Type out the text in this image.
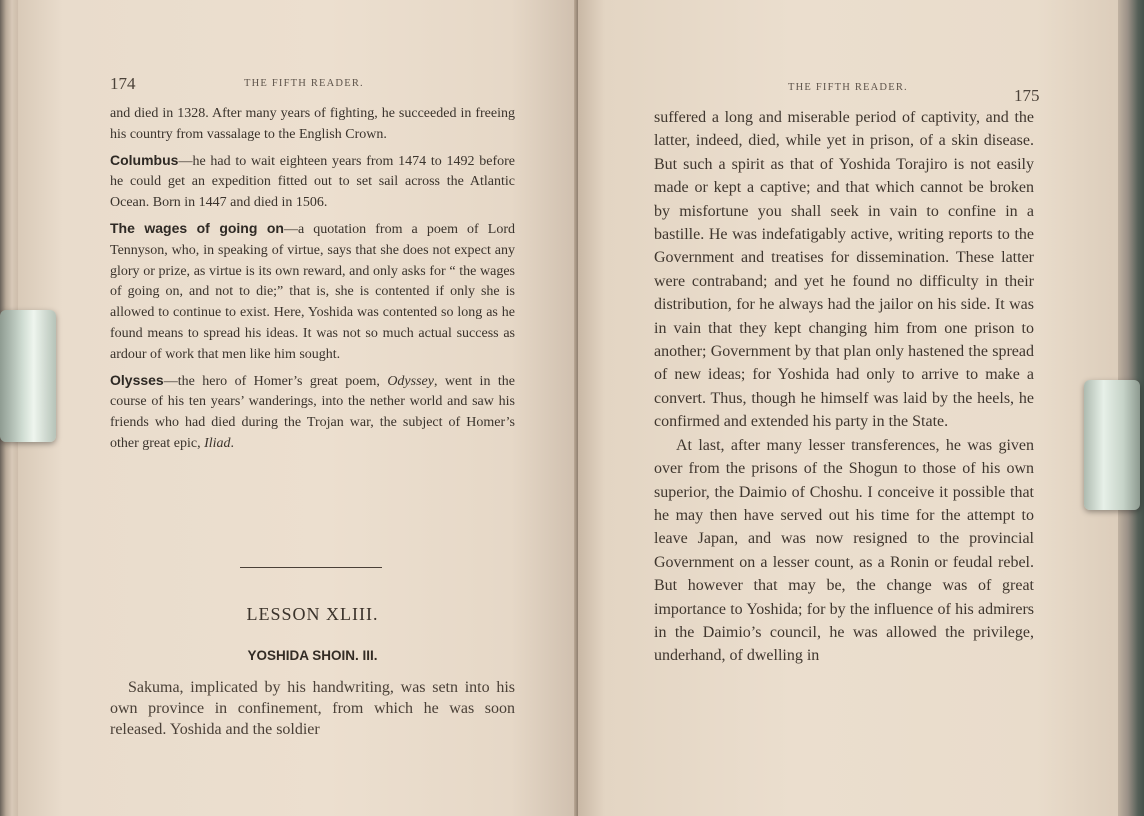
174	THE FIFTH READER.

and died in 1328. After many years of fighting, he succeeded in freeing his country from vassalage to the English Crown.

Columbus—he had to wait eighteen years from 1474 to 1492 before he could get an expedition fitted out to set sail across the Atlantic Ocean. Born in 1447 and died in 1506.

The wages of going on—a quotation from a poem of Lord Tennyson, who, in speaking of virtue, says that she does not expect any glory or prize, as virtue is its own reward, and only asks for “ the wages of going on, and not to die;” that is, she is contented if only she is allowed to continue to exist. Here, Yoshida was contented so long as he found means to spread his ideas. It was not so much actual success as ardour of work that men like him sought.

Olysses—the hero of Homer’s great poem, Odyssey, went in the course of his ten years’ wanderings, into the nether world and saw his friends who had died during the Trojan war, the subject of Homer’s other great epic, Iliad.

LESSON XLIII.
YOSHIDA SHOIN. III.

Sakuma, implicated by his handwriting, was setn into his own province in confinement, from which he was soon released. Yoshida and the soldier

THE FIFTH READER.	175

suffered a long and miserable period of captivity, and the latter, indeed, died, while yet in prison, of a skin disease. But such a spirit as that of Yoshida Torajiro is not easily made or kept a captive; and that which cannot be broken by misfortune you shall seek in vain to confine in a bastille. He was indefatigably active, writing reports to the Government and treatises for dissemination. These latter were contraband; and yet he found no difficulty in their distribution, for he always had the jailor on his side. It was in vain that they kept changing him from one prison to another; Government by that plan only hastened the spread of new ideas; for Yoshida had only to arrive to make a convert. Thus, though he himself was laid by the heels, he confirmed and extended his party in the State.

At last, after many lesser transferences, he was given over from the prisons of the Shogun to those of his own superior, the Daimio of Choshu. I conceive it possible that he may then have served out his time for the attempt to leave Japan, and was now resigned to the provincial Government on a lesser count, as a Ronin or feudal rebel. But however that may be, the change was of great importance to Yoshida; for by the influence of his admirers in the Daimio’s council, he was allowed the privilege, underhand, of dwelling in
